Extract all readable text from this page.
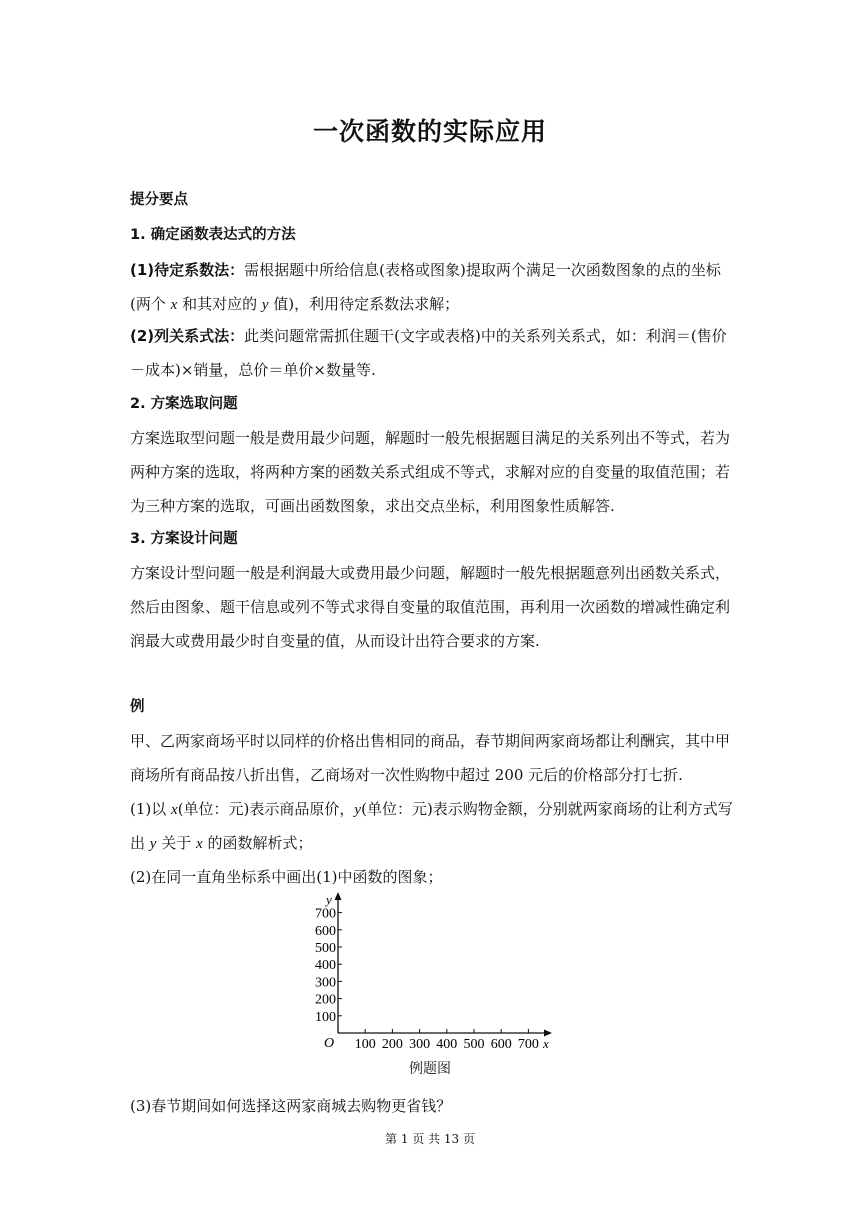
一次函数的实际应用
提分要点
1. 确定函数表达式的方法
(1)待定系数法：需根据题中所给信息(表格或图象)提取两个满足一次函数图象的点的坐标
(两个 x 和其对应的 y 值)，利用待定系数法求解；
(2)列关系式法：此类问题常需抓住题干(文字或表格)中的关系列关系式，如：利润＝(售价
－成本)×销量，总价＝单价×数量等.
2. 方案选取问题
方案选取型问题一般是费用最少问题，解题时一般先根据题目满足的关系列出不等式，若为
两种方案的选取，将两种方案的函数关系式组成不等式，求解对应的自变量的取值范围；若
为三种方案的选取，可画出函数图象，求出交点坐标，利用图象性质解答.
3. 方案设计问题
方案设计型问题一般是利润最大或费用最少问题，解题时一般先根据题意列出函数关系式，
然后由图象、题干信息或列不等式求得自变量的取值范围，再利用一次函数的增减性确定利
润最大或费用最少时自变量的值，从而设计出符合要求的方案.
例
甲、乙两家商场平时以同样的价格出售相同的商品，春节期间两家商场都让利酬宾，其中甲
商场所有商品按八折出售，乙商场对一次性购物中超过 200 元后的价格部分打七折.
(1)以 x(单位：元)表示商品原价，y(单位：元)表示购物金额，分别就两家商场的让利方式写
出 y 关于 x 的函数解析式；
(2)在同一直角坐标系中画出(1)中函数的图象；
x
y
O 100 200 300 400 500 600 700
100
200
300
400
500
600
700
例题图
(3)春节期间如何选择这两家商城去购物更省钱？
第 1 页 共 13 页
